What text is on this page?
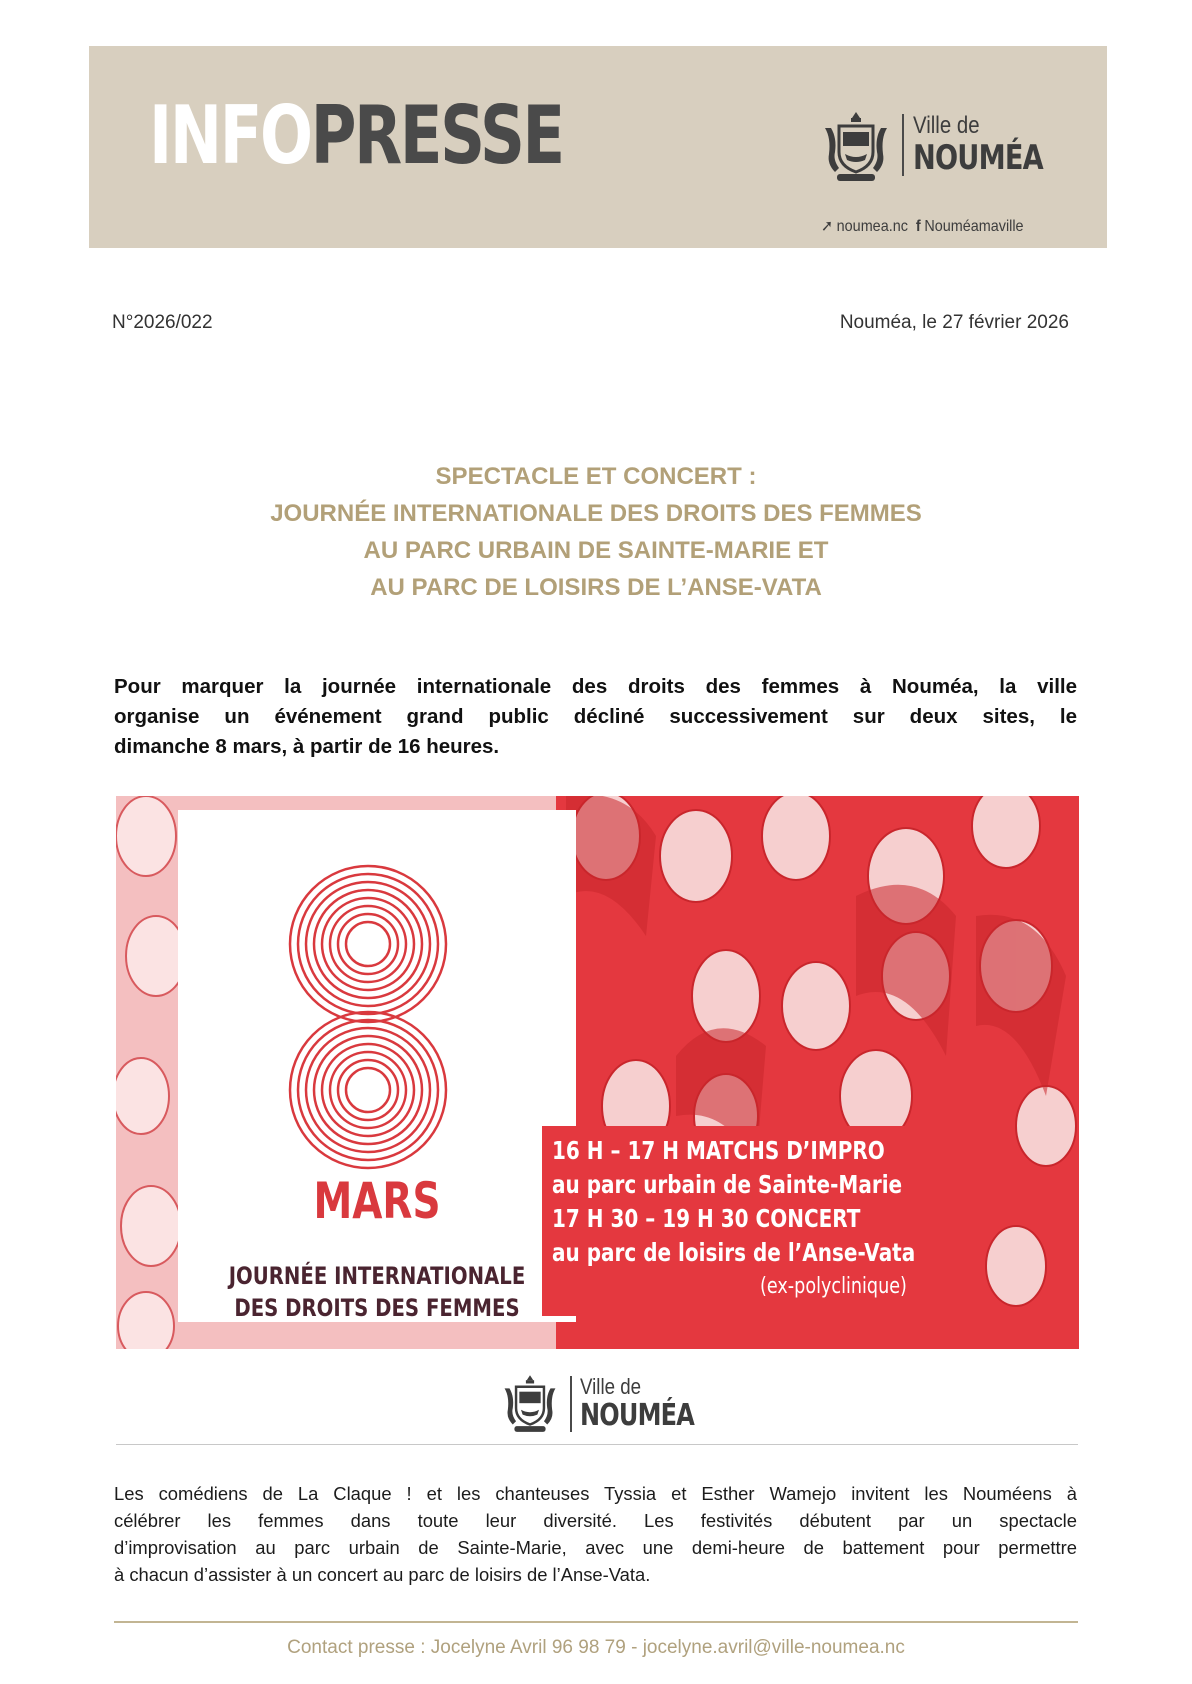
INFOPRESSE	Ville de
NOUMÉA
➚ noumea.nc f Nouméamaville
N°2026/022	Nouméa, le 27 février 2026
SPECTACLE ET CONCERT :
JOURNÉE INTERNATIONALE DES DROITS DES FEMMES
AU PARC URBAIN DE SAINTE-MARIE ET
AU PARC DE LOISIRS DE L’ANSE-VATA
Pour marquer la journée internationale des droits des femmes à Nouméa, la ville
organise un événement grand public décliné successivement sur deux sites, le
dimanche 8 mars, à partir de 16 heures.
MARS
JOURNÉE INTERNATIONALE
DES DROITS DES FEMMES
16 H – 17 H MATCHS D’IMPRO
au parc urbain de Sainte-Marie
17 H 30 – 19 H 30 CONCERT
au parc de loisirs de l’Anse-Vata
(ex-polyclinique)
Ville de
NOUMÉA
Les comédiens de La Claque ! et les chanteuses Tyssia et Esther Wamejo invitent les Nouméens à
célébrer les femmes dans toute leur diversité. Les festivités débutent par un spectacle
d’improvisation au parc urbain de Sainte-Marie, avec une demi-heure de battement pour permettre
à chacun d’assister à un concert au parc de loisirs de l’Anse-Vata.
Contact presse : Jocelyne Avril 96 98 79 - jocelyne.avril@ville-noumea.nc
